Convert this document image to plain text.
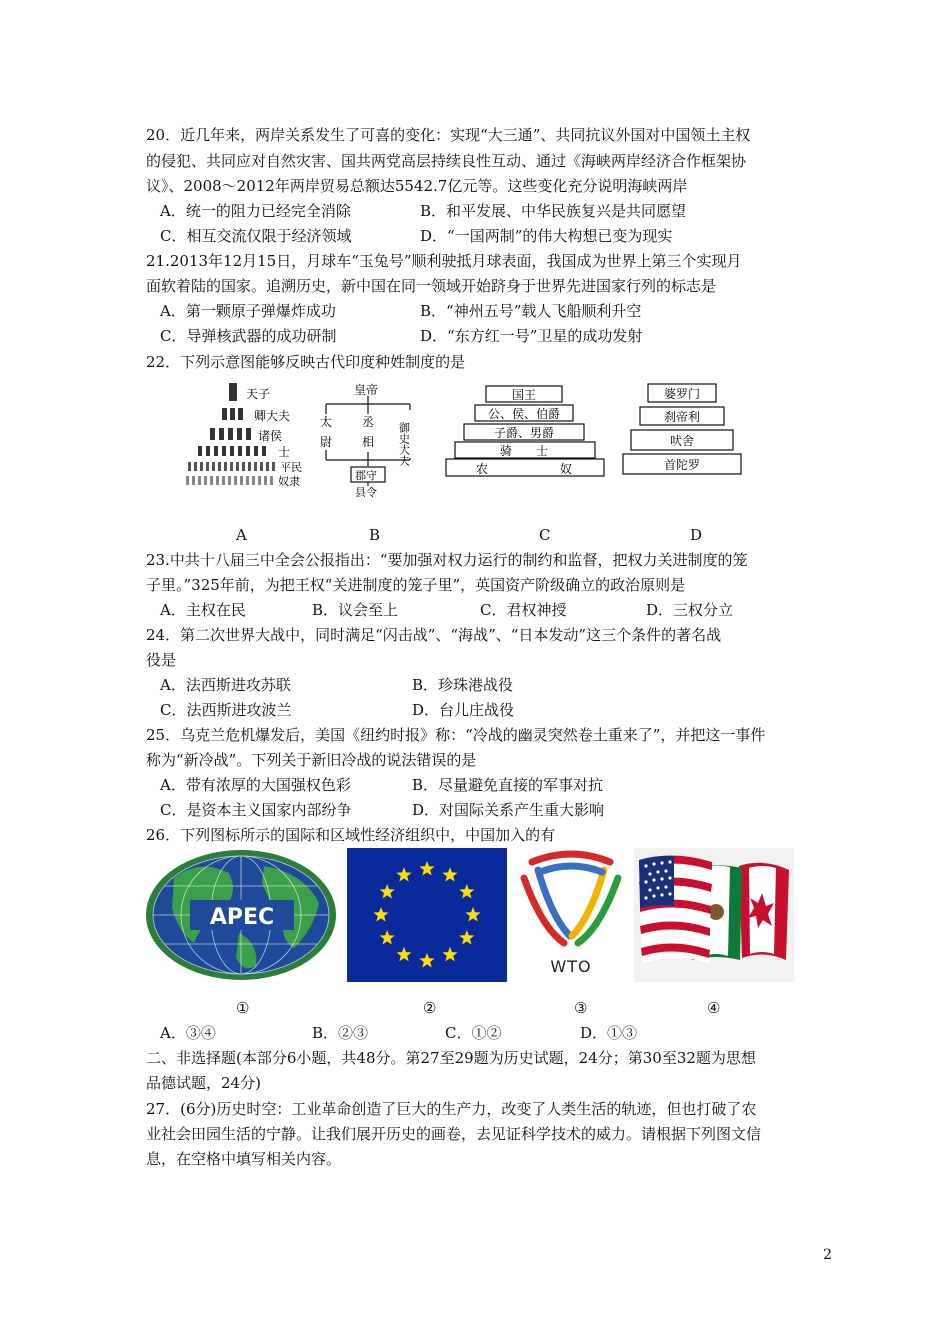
20．近几年来，两岸关系发生了可喜的变化：实现“大三通”、共同抗议外国对中国领土主权
的侵犯、共同应对自然灾害、国共两党高层持续良性互动、通过《海峡两岸经济合作框架协
议》、2008～2012年两岸贸易总额达5542.7亿元等。这些变化充分说明海峡两岸
A．统一的阻力已经完全消除	B．和平发展、中华民族复兴是共同愿望
C．相互交流仅限于经济领域	D．“一国两制”的伟大构想已变为现实
21.2013年12月15日，月球车“玉兔号”顺利驶抵月球表面，我国成为世界上第三个实现月
面软着陆的国家。追溯历史，新中国在同一领域开始跻身于世界先进国家行列的标志是
A．第一颗原子弹爆炸成功	B．“神州五号”载人飞船顺利升空
C．导弹核武器的成功研制	D．“东方红一号”卫星的成功发射
22．下列示意图能够反映古代印度种姓制度的是
天子
卿大夫
诸侯
士
平民
奴隶
皇帝
太 丞 御史大夫
尉 相
郡守
县令
国王
公、侯、伯爵
子爵、男爵
骑　　士
农　　　　　　奴
婆罗门
刹帝利
吠舍
首陀罗
A	B	C	D
23.中共十八届三中全会公报指出：“要加强对权力运行的制约和监督，把权力关进制度的笼
子里。”325年前，为把王权“关进制度的笼子里”，英国资产阶级确立的政治原则是
A．主权在民	B．议会至上	C．君权神授	D．三权分立
24．第二次世界大战中，同时满足“闪击战”、“海战”、“日本发动”这三个条件的著名战
役是
A．法西斯进攻苏联	B．珍珠港战役
C．法西斯进攻波兰	D．台儿庄战役
25．乌克兰危机爆发后，美国《纽约时报》称：“冷战的幽灵突然卷土重来了”，并把这一事件
称为“新冷战”。下列关于新旧冷战的说法错误的是
A．带有浓厚的大国强权色彩	B．尽量避免直接的军事对抗
C．是资本主义国家内部纷争	D．对国际关系产生重大影响
26．下列图标所示的国际和区域性经济组织中，中国加入的有
APEC
WTO
①	②	③	④
A．③④	B．②③	C．①②	D．①③
二、非选择题(本部分6小题，共48分。第27至29题为历史试题，24分；第30至32题为思想
品德试题，24分)
27．(6分)历史时空：工业革命创造了巨大的生产力，改变了人类生活的轨迹，但也打破了农
业社会田园生活的宁静。让我们展开历史的画卷，去见证科学技术的威力。请根据下列图文信
息，在空格中填写相关内容。
2
